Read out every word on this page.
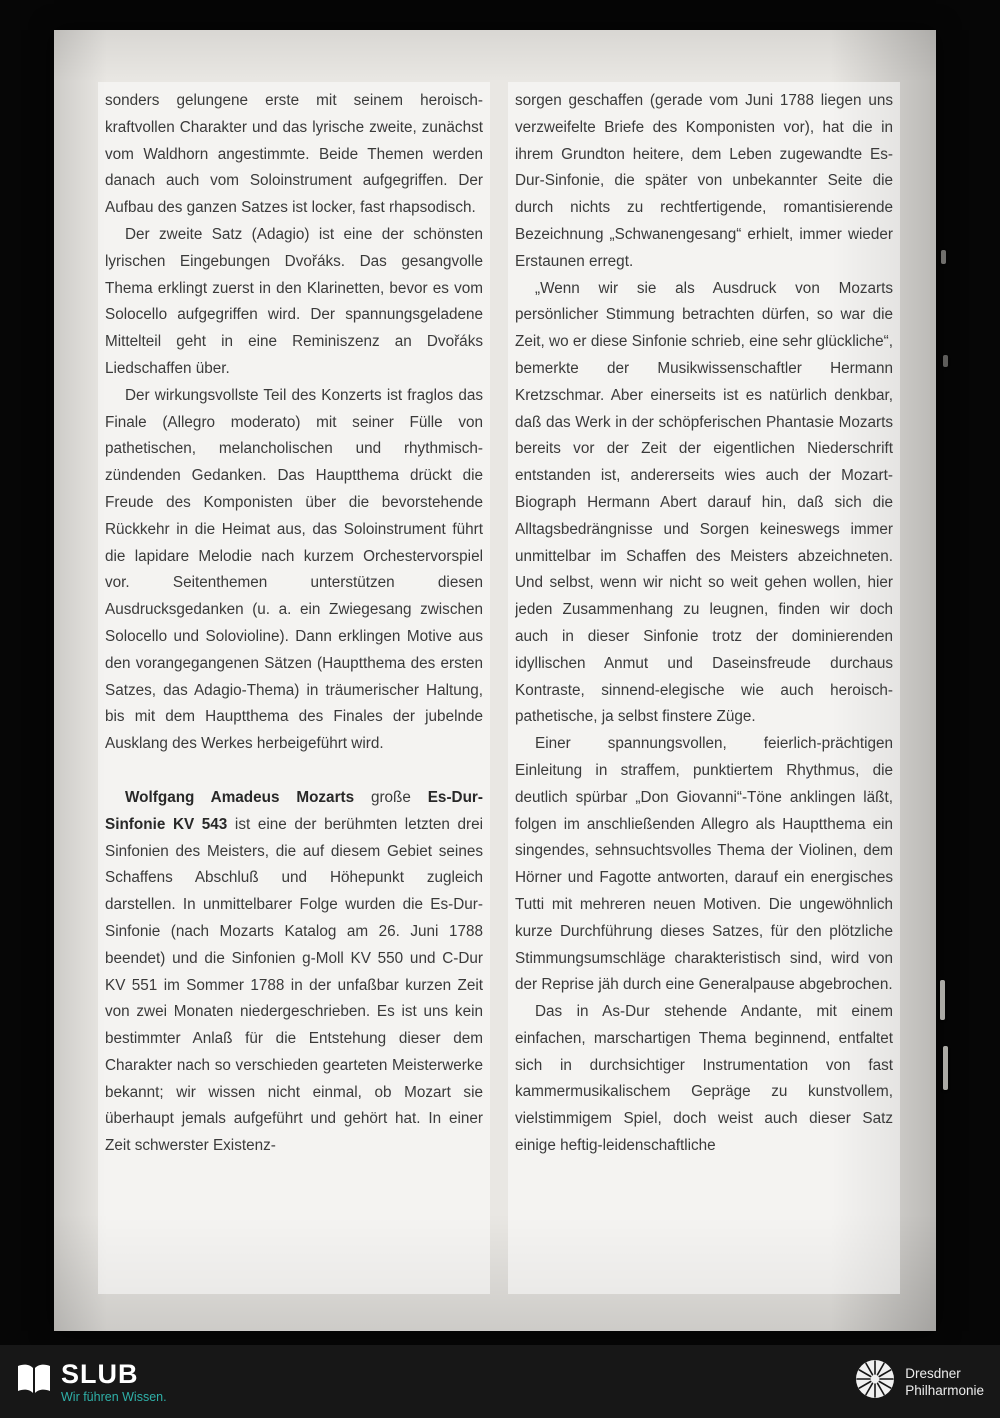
sonders gelungene erste mit seinem heroisch-kraftvollen Charakter und das lyrische zweite, zunächst vom Waldhorn angestimmte. Beide Themen werden danach auch vom Soloinstrument aufgegriffen. Der Aufbau des ganzen Satzes ist locker, fast rhapsodisch.

Der zweite Satz (Adagio) ist eine der schönsten lyrischen Eingebungen Dvořáks. Das gesangvolle Thema erklingt zuerst in den Klarinetten, bevor es vom Solocello aufgegriffen wird. Der spannungsgeladene Mittelteil geht in eine Reminiszenz an Dvořáks Liedschaffen über.

Der wirkungsvollste Teil des Konzerts ist fraglos das Finale (Allegro moderato) mit seiner Fülle von pathetischen, melancholischen und rhythmisch-zündenden Gedanken. Das Hauptthema drückt die Freude des Komponisten über die bevorstehende Rückkehr in die Heimat aus, das Soloinstrument führt die lapidare Melodie nach kurzem Orchestervorspiel vor. Seitenthemen unterstützen diesen Ausdrucksgedanken (u. a. ein Zwiegesang zwischen Solocello und Solovioline). Dann erklingen Motive aus den vorangegangenen Sätzen (Hauptthema des ersten Satzes, das Adagio-Thema) in träumerischer Haltung, bis mit dem Hauptthema des Finales der jubelnde Ausklang des Werkes herbeigeführt wird.

Wolfgang Amadeus Mozarts große Es-Dur-Sinfonie KV 543 ist eine der berühmten letzten drei Sinfonien des Meisters, die auf diesem Gebiet seines Schaffens Abschluß und Höhepunkt zugleich darstellen. In unmittelbarer Folge wurden die Es-Dur-Sinfonie (nach Mozarts Katalog am 26. Juni 1788 beendet) und die Sinfonien g-Moll KV 550 und C-Dur KV 551 im Sommer 1788 in der unfaßbar kurzen Zeit von zwei Monaten niedergeschrieben. Es ist uns kein bestimmter Anlaß für die Entstehung dieser dem Charakter nach so verschieden gearteten Meisterwerke bekannt; wir wissen nicht einmal, ob Mozart sie überhaupt jemals aufgeführt und gehört hat. In einer Zeit schwerster Existenz-

sorgen geschaffen (gerade vom Juni 1788 liegen uns verzweifelte Briefe des Komponisten vor), hat die in ihrem Grundton heitere, dem Leben zugewandte Es-Dur-Sinfonie, die später von unbekannter Seite die durch nichts zu rechtfertigende, romantisierende Bezeichnung „Schwanengesang“ erhielt, immer wieder Erstaunen erregt.

„Wenn wir sie als Ausdruck von Mozarts persönlicher Stimmung betrachten dürfen, so war die Zeit, wo er diese Sinfonie schrieb, eine sehr glückliche“, bemerkte der Musikwissenschaftler Hermann Kretzschmar. Aber einerseits ist es natürlich denkbar, daß das Werk in der schöpferischen Phantasie Mozarts bereits vor der Zeit der eigentlichen Niederschrift entstanden ist, andererseits wies auch der Mozart-Biograph Hermann Abert darauf hin, daß sich die Alltagsbedrängnisse und Sorgen keineswegs immer unmittelbar im Schaffen des Meisters abzeichneten. Und selbst, wenn wir nicht so weit gehen wollen, hier jeden Zusammenhang zu leugnen, finden wir doch auch in dieser Sinfonie trotz der dominierenden idyllischen Anmut und Daseinsfreude durchaus Kontraste, sinnend-elegische wie auch heroisch-pathetische, ja selbst finstere Züge.

Einer spannungsvollen, feierlich-prächtigen Einleitung in straffem, punktiertem Rhythmus, die deutlich spürbar „Don Giovanni“-Töne anklingen läßt, folgen im anschließenden Allegro als Hauptthema ein singendes, sehnsuchtsvolles Thema der Violinen, dem Hörner und Fagotte antworten, darauf ein energisches Tutti mit mehreren neuen Motiven. Die ungewöhnlich kurze Durchführung dieses Satzes, für den plötzliche Stimmungsumschläge charakteristisch sind, wird von der Reprise jäh durch eine Generalpause abgebrochen.

Das in As-Dur stehende Andante, mit einem einfachen, marschartigen Thema beginnend, entfaltet sich in durchsichtiger Instrumentation von fast kammermusikalischem Gepräge zu kunstvollem, vielstimmigem Spiel, doch weist auch dieser Satz einige heftig-leidenschaftliche

SLUB
Wir führen Wissen.
Dresdner
Philharmonie
